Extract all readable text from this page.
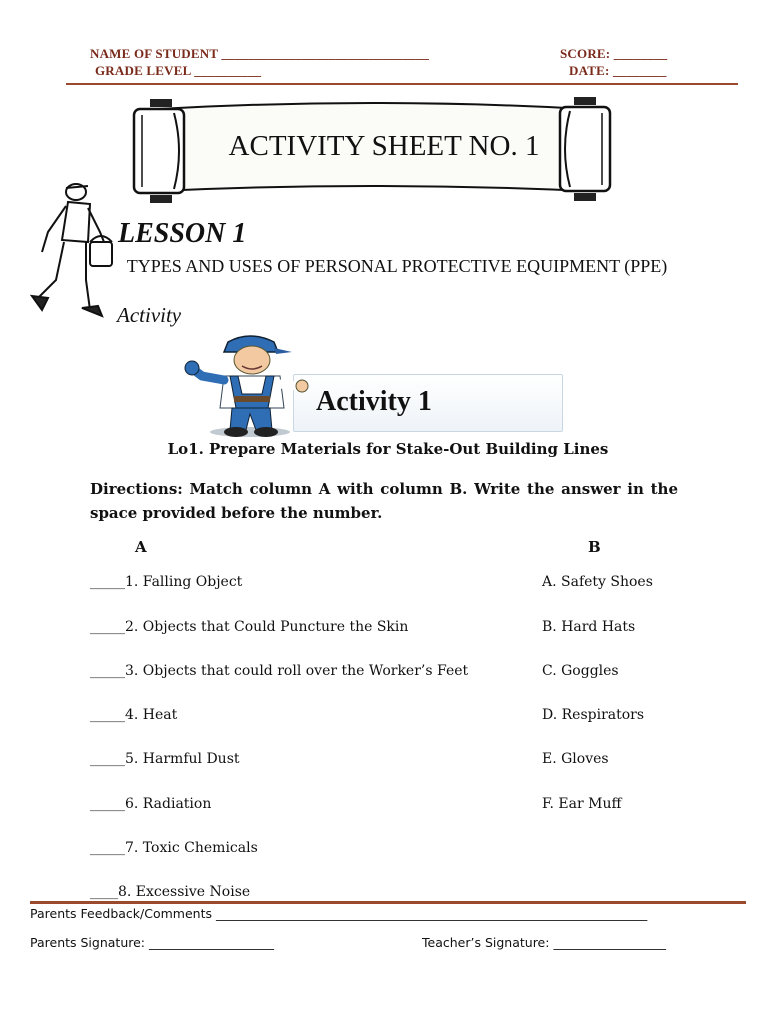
NAME OF STUDENT _______________________________
GRADE LEVEL __________
SCORE: ________
DATE: ________
ACTIVITY SHEET NO. 1
LESSON 1
TYPES AND USES OF PERSONAL PROTECTIVE EQUIPMENT (PPE)
Activity
Activity 1
Lo1. Prepare Materials for Stake-Out Building Lines
Directions: Match column A with column B. Write the answer in the space provided before the number.
A	B
_____1. Falling Object
_____2. Objects that Could Puncture the Skin
_____3. Objects that could roll over the Worker’s Feet
_____4. Heat
_____5. Harmful Dust
_____6. Radiation
_____7. Toxic Chemicals
____8. Excessive Noise
A. Safety Shoes
B. Hard Hats
C. Goggles
D. Respirators
E. Gloves
F. Ear Muff
Parents Feedback/Comments _____________________________________________________________________
Parents Signature: ____________________	Teacher’s Signature: __________________
